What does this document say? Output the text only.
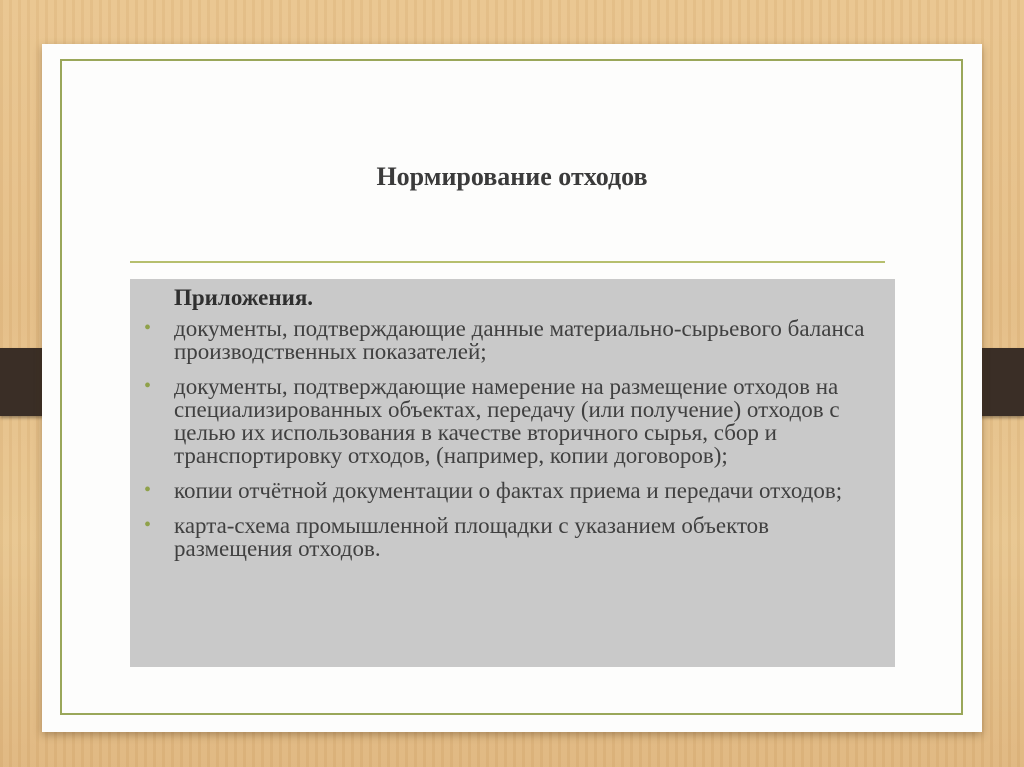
Нормирование отходов
Приложения.
• документы, подтверждающие данные материально-сырьевого баланса производственных показателей;
• документы, подтверждающие намерение на размещение отходов на специализированных объектах, передачу (или получение) отходов с целью их использования в качестве вторичного сырья, сбор и транспортировку отходов, (например, копии договоров);
• копии отчётной документации о фактах приема и передачи отходов;
• карта-схема промышленной площадки с указанием объектов размещения отходов.
